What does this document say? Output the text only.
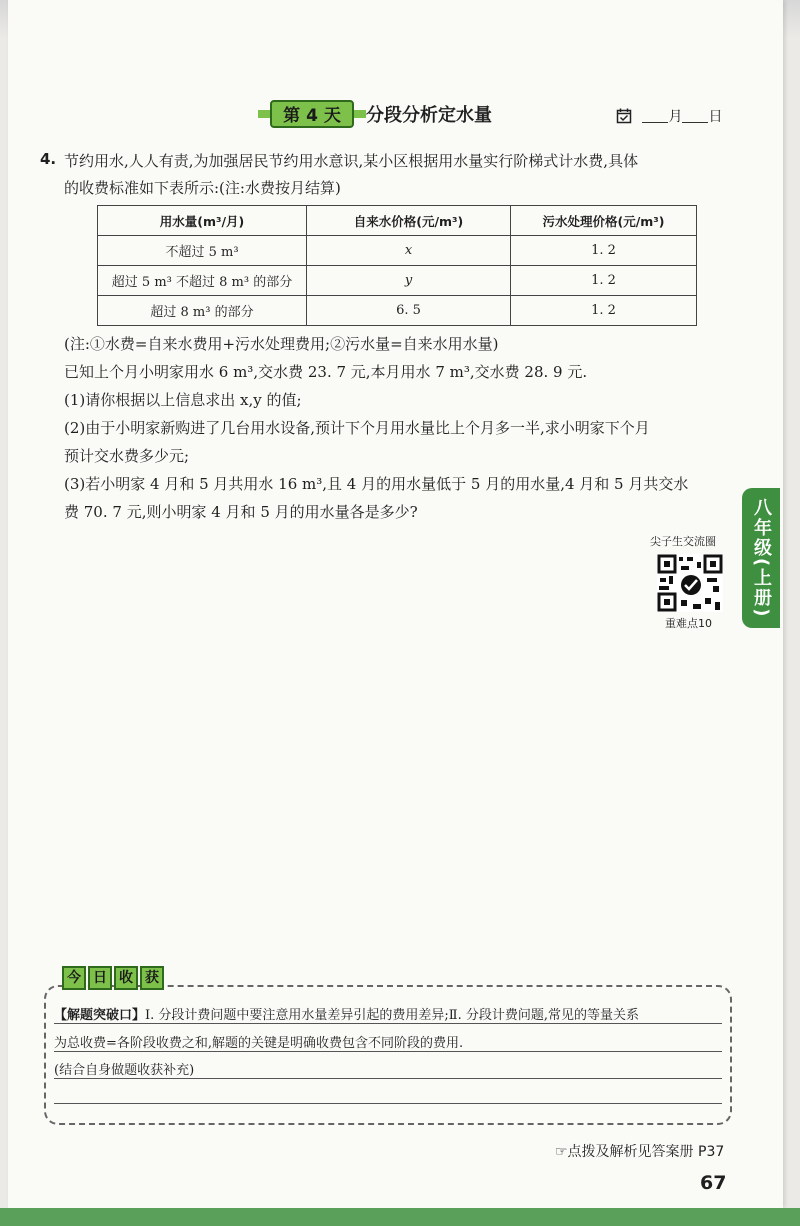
第 4 天	分段分析定水量	月 日
4. 节约用水,人人有责,为加强居民节约用水意识,某小区根据用水量实行阶梯式计水费,具体
的收费标准如下表所示:(注:水费按月结算)
用水量(m³/月)	自来水价格(元/m³)	污水处理价格(元/m³)
不超过 5 m³	x	1. 2
超过 5 m³ 不超过 8 m³ 的部分	y	1. 2
超过 8 m³ 的部分	6. 5	1. 2
(注:①水费=自来水费用+污水处理费用;②污水量=自来水用水量)
已知上个月小明家用水 6 m³,交水费 23. 7 元,本月用水 7 m³,交水费 28. 9 元.
(1)请你根据以上信息求出 x,y 的值;
(2)由于小明家新购进了几台用水设备,预计下个月用水量比上个月多一半,求小明家下个月
预计交水费多少元;
(3)若小明家 4 月和 5 月共用水 16 m³,且 4 月的用水量低于 5 月的用水量,4 月和 5 月共交水
费 70. 7 元,则小明家 4 月和 5 月的用水量各是多少?	八年级(上册)
尖子生交流圈
重难点10
今 日 收 获
【解题突破口】Ⅰ. 分段计费问题中要注意用水量差异引起的费用差异;Ⅱ. 分段计费问题,常见的等量关系
为总收费=各阶段收费之和,解题的关键是明确收费包含不同阶段的费用.
(结合自身做题收获补充)
☞点拨及解析见答案册 P37
67
